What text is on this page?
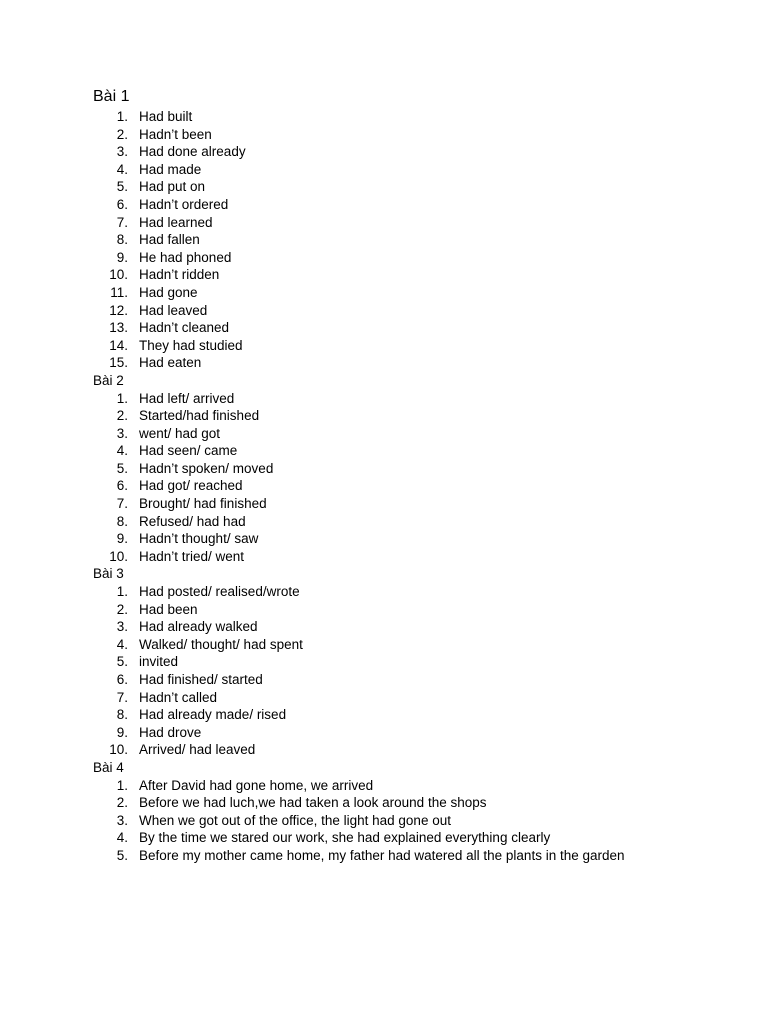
Bài 1
1. Had built
2. Hadn’t been
3. Had done already
4. Had made
5. Had put on
6. Hadn’t ordered
7. Had learned
8. Had fallen
9. He had phoned
10. Hadn’t ridden
11. Had gone
12. Had leaved
13. Hadn’t cleaned
14. They had studied
15. Had eaten
Bài 2
1. Had left/ arrived
2. Started/had finished
3. went/ had got
4. Had seen/ came
5. Hadn’t spoken/ moved
6. Had got/ reached
7. Brought/ had finished
8. Refused/ had had
9. Hadn’t thought/ saw
10. Hadn’t tried/ went
Bài 3
1. Had posted/ realised/wrote
2. Had been
3. Had already walked
4. Walked/ thought/ had spent
5. invited
6. Had finished/ started
7. Hadn’t called
8. Had already made/ rised
9. Had drove
10. Arrived/ had leaved
Bài 4
1. After David had gone home, we arrived
2. Before we had luch,we had taken a look around the shops
3. When we got out of the office, the light had gone out
4. By the time we stared our work, she had explained everything clearly
5. Before my mother came home, my father had watered all the plants in the garden
